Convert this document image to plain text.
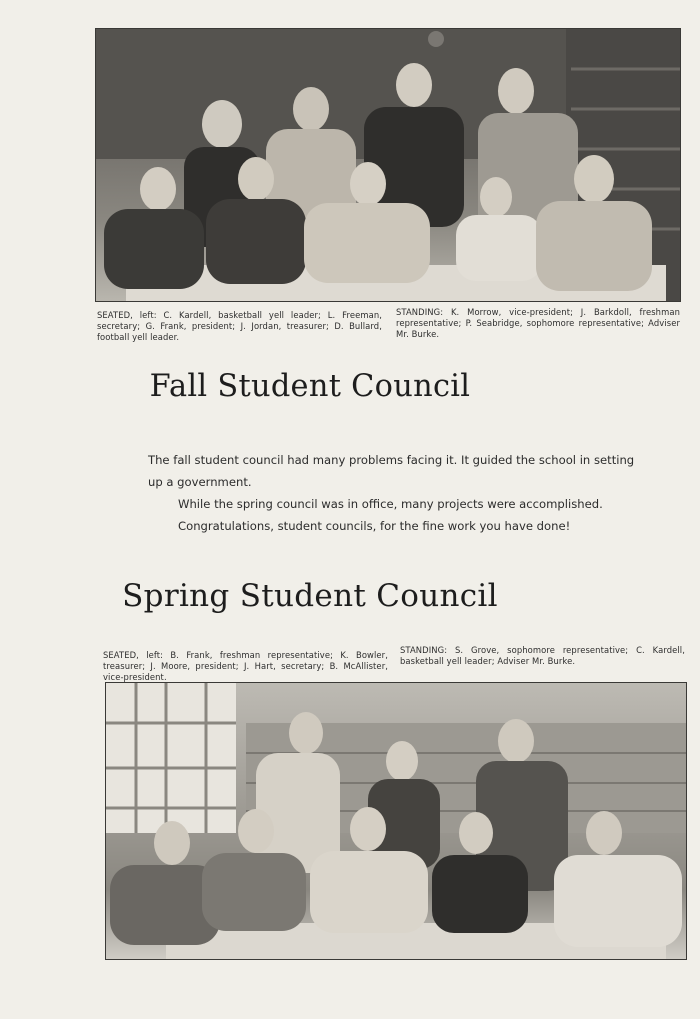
SEATED, left: C. Kardell, basketball yell leader; L. Freeman, secretary; G. Frank, president; J. Jordan, treasurer; D. Bullard, football yell leader.
STANDING: K. Morrow, vice-president; J. Barkdoll, freshman representative; P. Seabridge, sophomore representative; Adviser Mr. Burke.
Fall Student Council

The fall student council had many problems facing it. It guided the school in setting up a government.

While the spring council was in office, many projects were accomplished.

Congratulations, student councils, for the fine work you have done!

Spring Student Council
SEATED, left: B. Frank, freshman representative; K. Bowler, treasurer; J. Moore, president; J. Hart, secretary; B. McAllister, vice-president.
STANDING: S. Grove, sophomore representative; C. Kardell, basketball yell leader; Adviser Mr. Burke.
